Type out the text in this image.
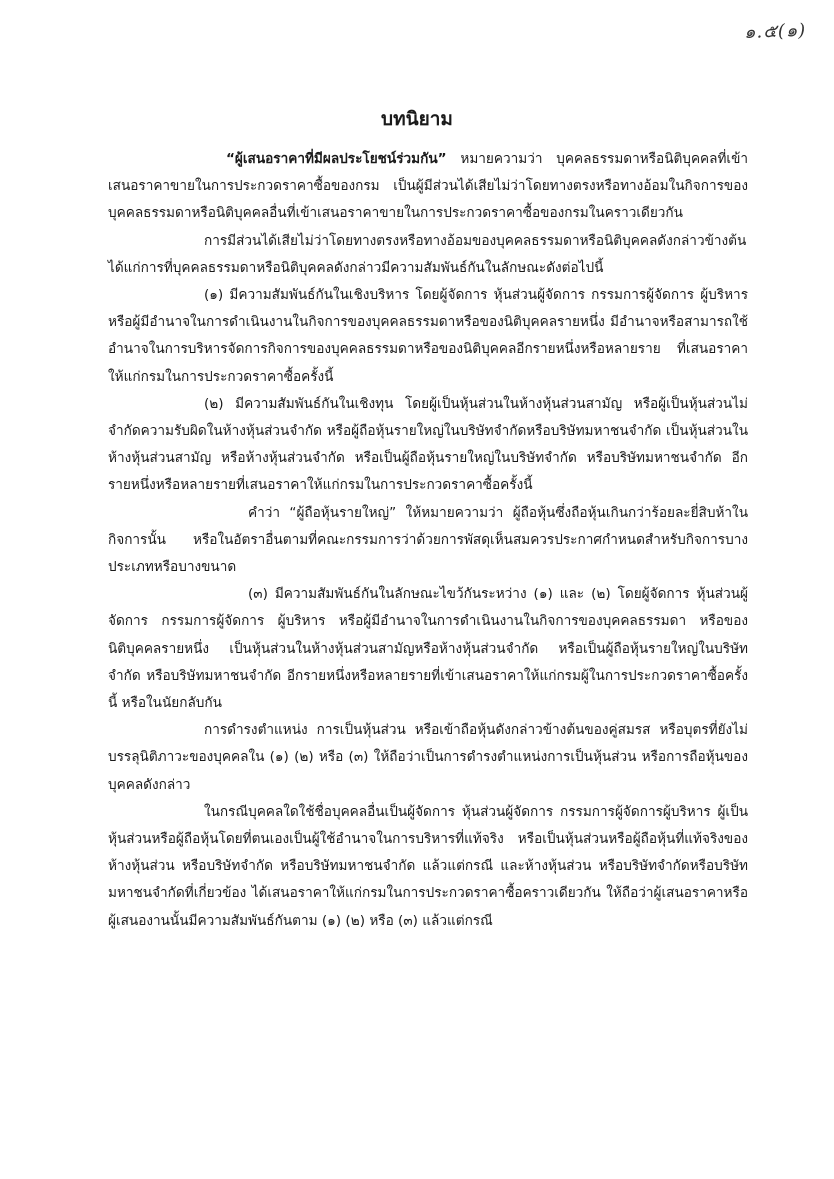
๑.๕(๑)
บทนิยาม

“ผู้เสนอราคาที่มีผลประโยชน์ร่วมกัน” หมายความว่า บุคคลธรรมดาหรือนิติบุคคลที่เข้าเสนอราคาขายในการประกวดราคาซื้อของกรม เป็นผู้มีส่วนได้เสียไม่ว่าโดยทางตรงหรือทางอ้อมในกิจการของบุคคลธรรมดาหรือนิติบุคคลอื่นที่เข้าเสนอราคาขายในการประกวดราคาซื้อของกรมในคราวเดียวกัน

การมีส่วนได้เสียไม่ว่าโดยทางตรงหรือทางอ้อมของบุคคลธรรมดาหรือนิติบุคคลดังกล่าวข้างต้น ได้แก่การที่บุคคลธรรมดาหรือนิติบุคคลดังกล่าวมีความสัมพันธ์กันในลักษณะดังต่อไปนี้

(๑) มีความสัมพันธ์กันในเชิงบริหาร โดยผู้จัดการ หุ้นส่วนผู้จัดการ กรรมการผู้จัดการ ผู้บริหาร หรือผู้มีอำนาจในการดำเนินงานในกิจการของบุคคลธรรมดาหรือของนิติบุคคลรายหนึ่ง มีอำนาจหรือสามารถใช้อำนาจในการบริหารจัดการกิจการของบุคคลธรรมดาหรือของนิติบุคคลอีกรายหนึ่งหรือหลายราย ที่เสนอราคาให้แก่กรมในการประกวดราคาซื้อครั้งนี้

(๒) มีความสัมพันธ์กันในเชิงทุน โดยผู้เป็นหุ้นส่วนในห้างหุ้นส่วนสามัญ หรือผู้เป็นหุ้นส่วนไม่จำกัดความรับผิดในห้างหุ้นส่วนจำกัด หรือผู้ถือหุ้นรายใหญ่ในบริษัทจำกัดหรือบริษัทมหาชนจำกัด เป็นหุ้นส่วนในห้างหุ้นส่วนสามัญ หรือห้างหุ้นส่วนจำกัด หรือเป็นผู้ถือหุ้นรายใหญ่ในบริษัทจำกัด หรือบริษัทมหาชนจำกัด อีกรายหนึ่งหรือหลายรายที่เสนอราคาให้แก่กรมในการประกวดราคาซื้อครั้งนี้

คำว่า “ผู้ถือหุ้นรายใหญ่” ให้หมายความว่า ผู้ถือหุ้นซึ่งถือหุ้นเกินกว่าร้อยละยี่สิบห้าในกิจการนั้น หรือในอัตราอื่นตามที่คณะกรรมการว่าด้วยการพัสดุเห็นสมควรประกาศกำหนดสำหรับกิจการบางประเภทหรือบางขนาด

(๓) มีความสัมพันธ์กันในลักษณะไขว้กันระหว่าง (๑) และ (๒) โดยผู้จัดการ หุ้นส่วนผู้จัดการ กรรมการผู้จัดการ ผู้บริหาร หรือผู้มีอำนาจในการดำเนินงานในกิจการของบุคคลธรรมดา หรือของนิติบุคคลรายหนึ่ง เป็นหุ้นส่วนในห้างหุ้นส่วนสามัญหรือห้างหุ้นส่วนจำกัด หรือเป็นผู้ถือหุ้นรายใหญ่ในบริษัทจำกัด หรือบริษัทมหาชนจำกัด อีกรายหนึ่งหรือหลายรายที่เข้าเสนอราคาให้แก่กรมผู้ในการประกวดราคาซื้อครั้งนี้ หรือในนัยกลับกัน

การดำรงตำแหน่ง การเป็นหุ้นส่วน หรือเข้าถือหุ้นดังกล่าวข้างต้นของคู่สมรส หรือบุตรที่ยังไม่บรรลุนิติภาวะของบุคคลใน (๑) (๒) หรือ (๓) ให้ถือว่าเป็นการดำรงตำแหน่งการเป็นหุ้นส่วน หรือการถือหุ้นของบุคคลดังกล่าว

ในกรณีบุคคลใดใช้ชื่อบุคคลอื่นเป็นผู้จัดการ หุ้นส่วนผู้จัดการ กรรมการผู้จัดการผู้บริหาร ผู้เป็นหุ้นส่วนหรือผู้ถือหุ้นโดยที่ตนเองเป็นผู้ใช้อำนาจในการบริหารที่แท้จริง หรือเป็นหุ้นส่วนหรือผู้ถือหุ้นที่แท้จริงของห้างหุ้นส่วน หรือบริษัทจำกัด หรือบริษัทมหาชนจำกัด แล้วแต่กรณี และห้างหุ้นส่วน หรือบริษัทจำกัดหรือบริษัทมหาชนจำกัดที่เกี่ยวข้อง ได้เสนอราคาให้แก่กรมในการประกวดราคาซื้อคราวเดียวกัน ให้ถือว่าผู้เสนอราคาหรือผู้เสนองานนั้นมีความสัมพันธ์กันตาม (๑) (๒) หรือ (๓) แล้วแต่กรณี
